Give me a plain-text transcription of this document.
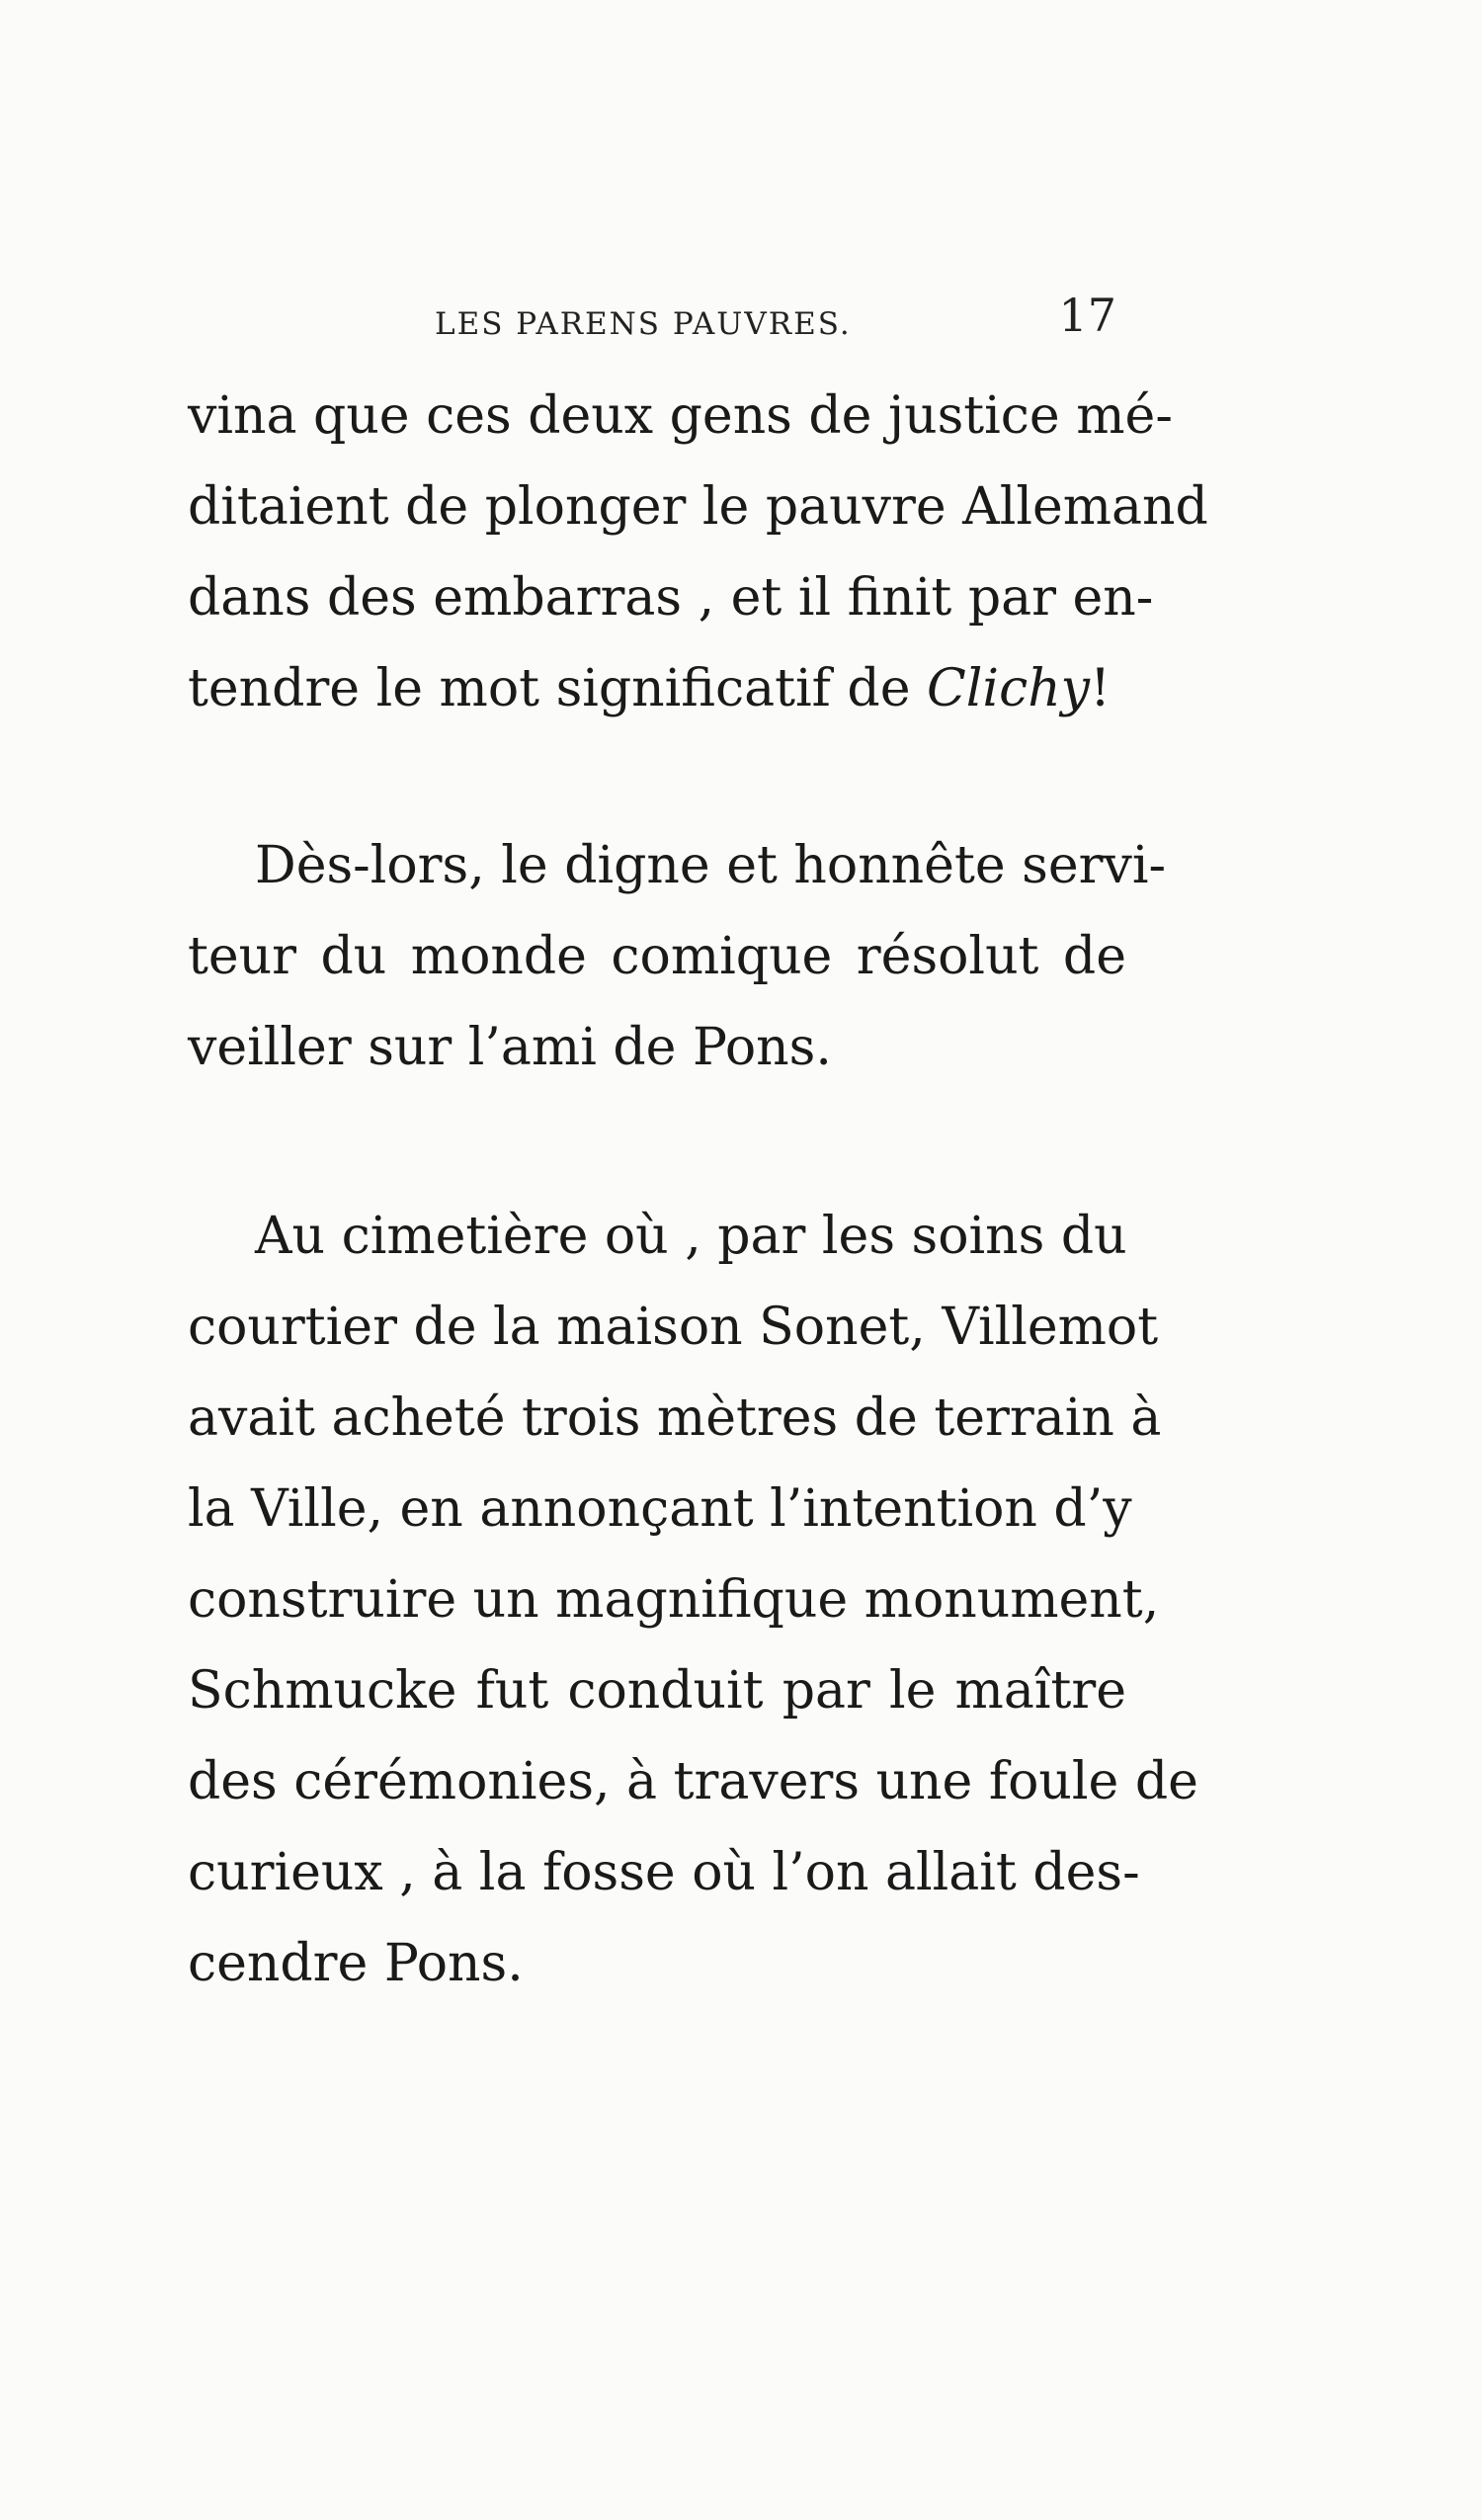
LES PARENS PAUVRES.	17
vina que ces deux gens de justice mé-
ditaient de plonger le pauvre Allemand
dans des embarras , et il finit par en-
tendre le mot significatif de Clichy!
Dès-lors, le digne et honnête servi-
teur du monde comique résolut de
veiller sur l’ami de Pons.
Au cimetière où , par les soins du
courtier de la maison Sonet, Villemot
avait acheté trois mètres de terrain à
la Ville, en annonçant l’intention d’y
construire un magnifique monument,
Schmucke fut conduit par le maître
des cérémonies, à travers une foule de
curieux , à la fosse où l’on allait des-
cendre Pons.
